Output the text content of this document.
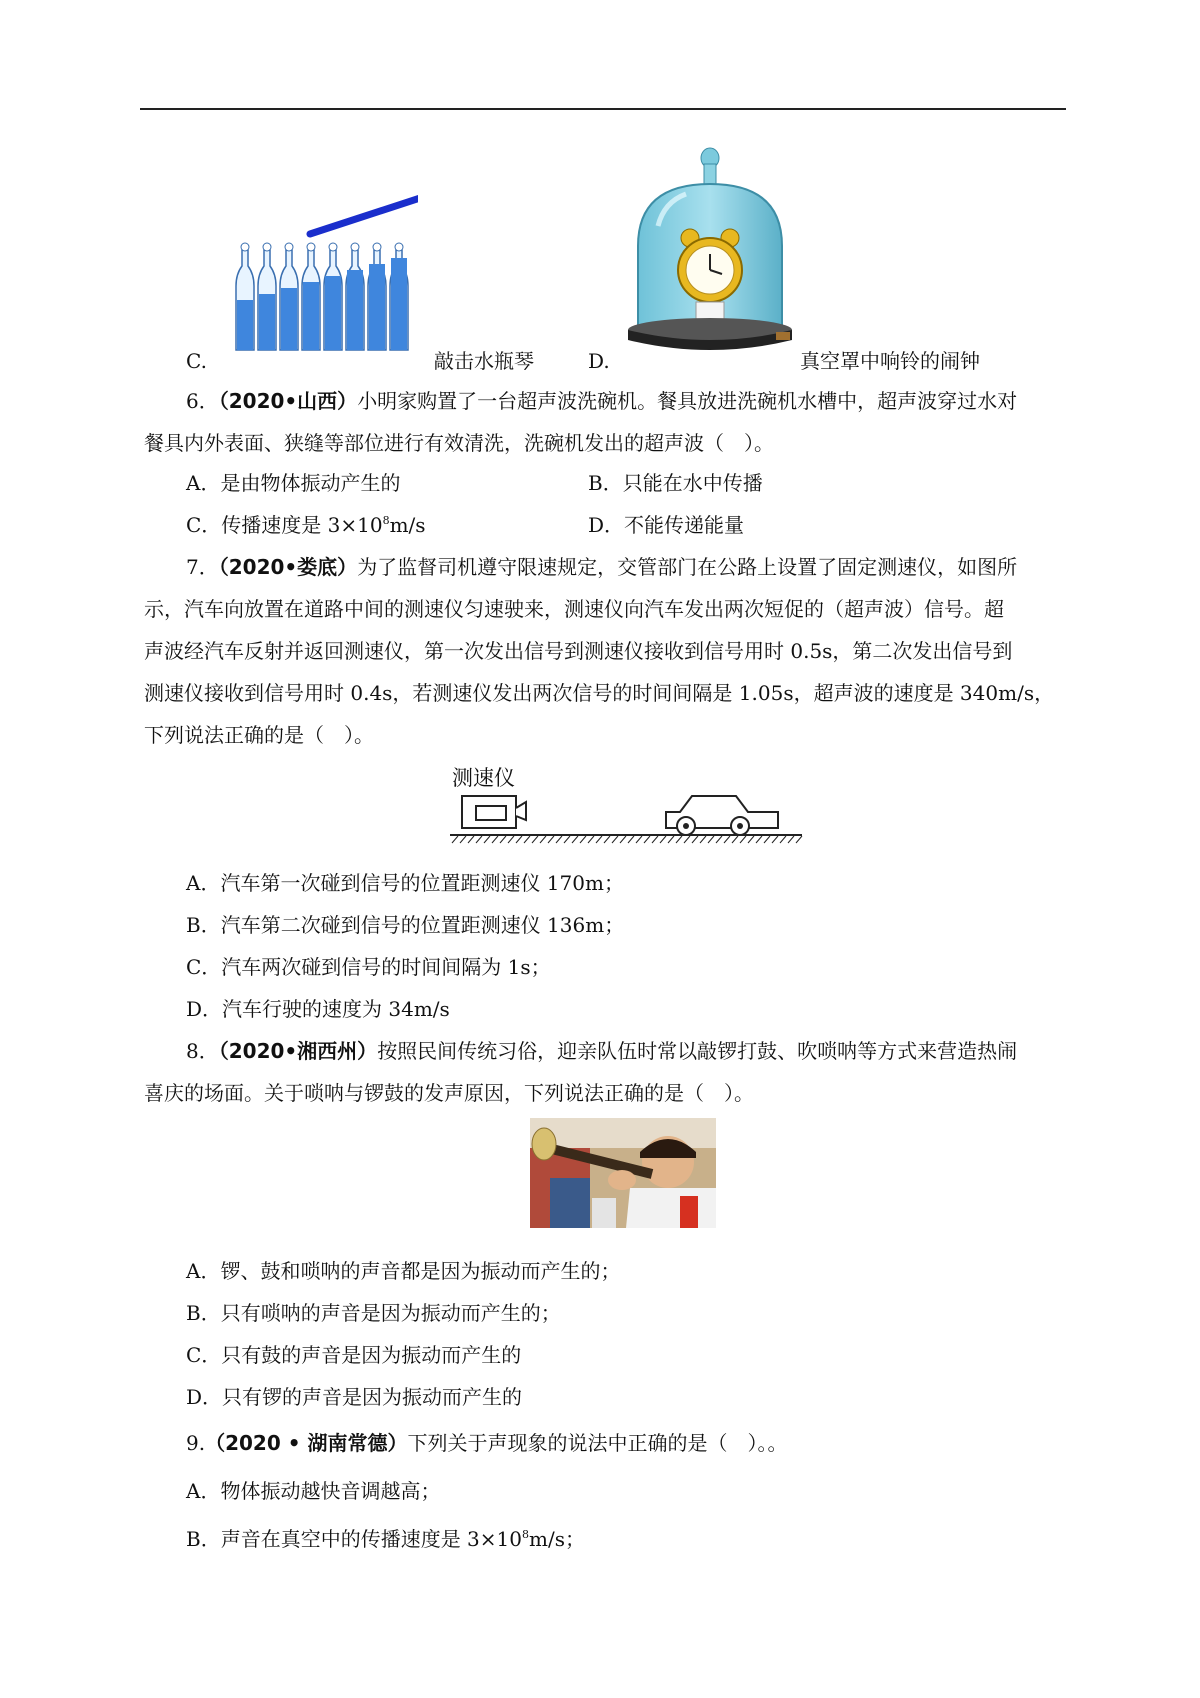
C.	敲击水瓶琴	D.	真空罩中响铃的闹钟
6．（2020•山西）小明家购置了一台超声波洗碗机。餐具放进洗碗机水槽中，超声波穿过水对
餐具内外表面、狭缝等部位进行有效清洗，洗碗机发出的超声波（　）。
A．是由物体振动产生的	B．只能在水中传播
C．传播速度是 $3\times 10^8m/s$	D．不能传递能量
7．（2020•娄底）为了监督司机遵守限速规定，交管部门在公路上设置了固定测速仪，如图所
示，汽车向放置在道路中间的测速仪匀速驶来，测速仪向汽车发出两次短促的（超声波）信号。超
声波经汽车反射并返回测速仪，第一次发出信号到测速仪接收到信号用时 0.5s，第二次发出信号到
测速仪接收到信号用时 0.4s，若测速仪发出两次信号的时间间隔是 1.05s，超声波的速度是 340m/s，
下列说法正确的是（　）。
测速仪
A．汽车第一次碰到信号的位置距测速仪 170m；
B．汽车第二次碰到信号的位置距测速仪 136m；
C．汽车两次碰到信号的时间间隔为 1s；
D．汽车行驶的速度为 34m/s
8．（2020•湘西州）按照民间传统习俗，迎亲队伍时常以敲锣打鼓、吹唢呐等方式来营造热闹
喜庆的场面。关于唢呐与锣鼓的发声原因，下列说法正确的是（　）。
A．锣、鼓和唢呐的声音都是因为振动而产生的；
B．只有唢呐的声音是因为振动而产生的；
C．只有鼓的声音是因为振动而产生的
D．只有锣的声音是因为振动而产生的
9.（2020 • 湖南常德）下列关于声现象的说法中正确的是（　）。。
A．物体振动越快音调越高；
B．声音在真空中的传播速度是 $3\times 10^8m/s$；
